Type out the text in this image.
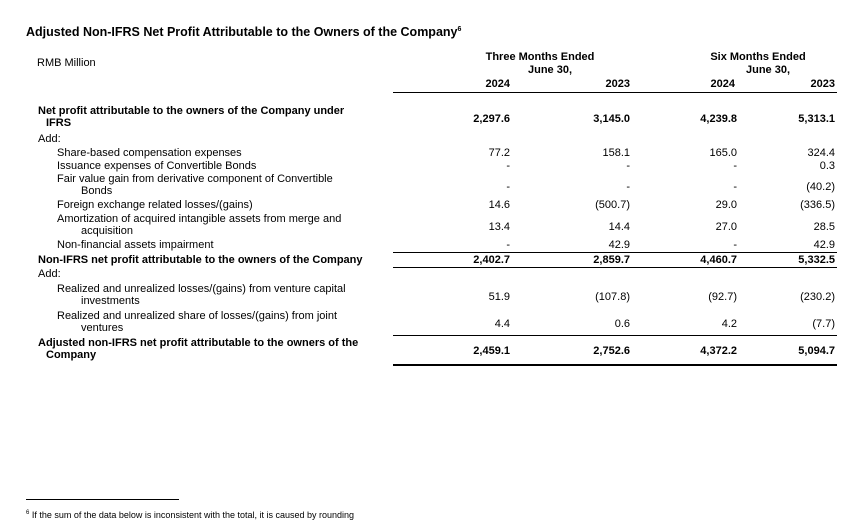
Adjusted Non-IFRS Net Profit Attributable to the Owners of the Company$^6$
RMB Million	Three Months Ended
June 30,
Six Months Ended
June 30,
2024	2023	2024	2023
Net profit attributable to the owners of the Company under
IFRS	2,297.6	3,145.0	4,239.8	5,313.1
Add:
Share-based compensation expenses	77.2	158.1	165.0	324.4
Issuance expenses of Convertible Bonds	-	-	-	0.3
Fair value gain from derivative component of Convertible
Bonds	-	-	-	(40.2)
Foreign exchange related losses/(gains)	14.6	(500.7)	29.0	(336.5)
Amortization of acquired intangible assets from merge and
acquisition	13.4	14.4	27.0	28.5
Non-financial assets impairment	-	42.9	-	42.9
Non-IFRS net profit attributable to the owners of the Company	2,402.7	2,859.7	4,460.7	5,332.5
Add:
Realized and unrealized losses/(gains) from venture capital
investments	51.9	(107.8)	(92.7)	(230.2)
Realized and unrealized share of losses/(gains) from joint
ventures	4.4	0.6	4.2	(7.7)
Adjusted non-IFRS net profit attributable to the owners of the
Company	2,459.1	2,752.6	4,372.2	5,094.7
$^6$ If the sum of the data below is inconsistent with the total, it is caused by rounding
